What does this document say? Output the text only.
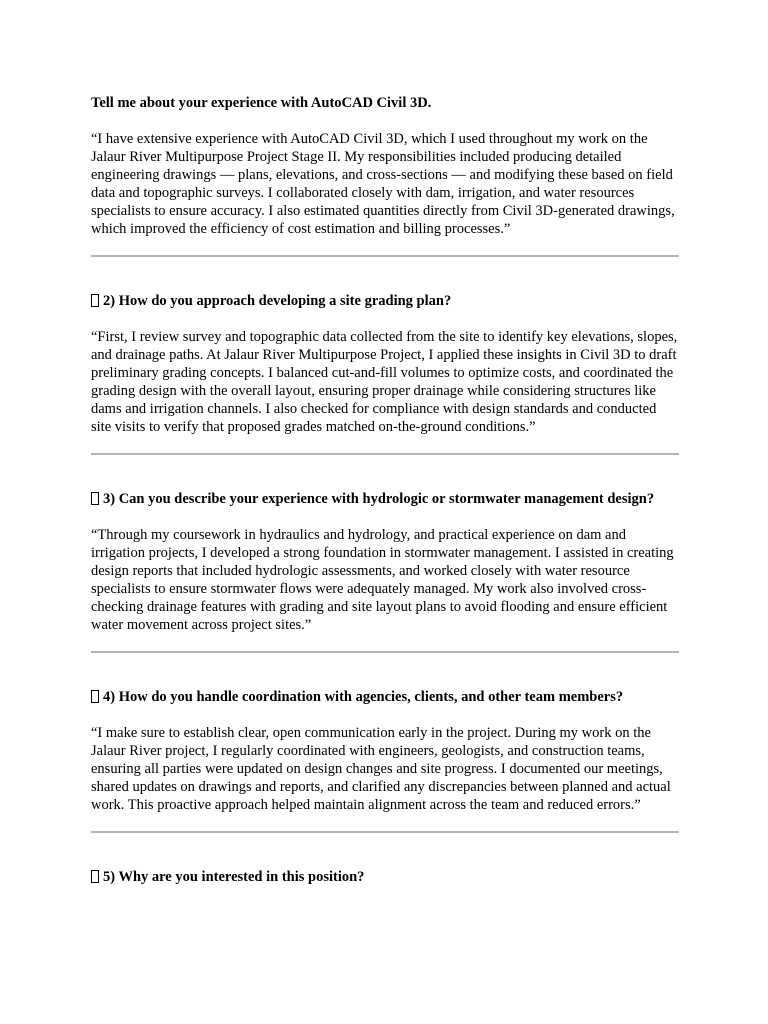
Tell me about your experience with AutoCAD Civil 3D.

“I have extensive experience with AutoCAD Civil 3D, which I used throughout my work on the Jalaur River Multipurpose Project Stage II. My responsibilities included producing detailed engineering drawings — plans, elevations, and cross-sections — and modifying these based on field data and topographic surveys. I collaborated closely with dam, irrigation, and water resources specialists to ensure accuracy. I also estimated quantities directly from Civil 3D-generated drawings, which improved the efficiency of cost estimation and billing processes.”

2) How do you approach developing a site grading plan?

“First, I review survey and topographic data collected from the site to identify key elevations, slopes, and drainage paths. At Jalaur River Multipurpose Project, I applied these insights in Civil 3D to draft preliminary grading concepts. I balanced cut-and-fill volumes to optimize costs, and coordinated the grading design with the overall layout, ensuring proper drainage while considering structures like dams and irrigation channels. I also checked for compliance with design standards and conducted site visits to verify that proposed grades matched on-the-ground conditions.”

3) Can you describe your experience with hydrologic or stormwater management design?

“Through my coursework in hydraulics and hydrology, and practical experience on dam and irrigation projects, I developed a strong foundation in stormwater management. I assisted in creating design reports that included hydrologic assessments, and worked closely with water resource specialists to ensure stormwater flows were adequately managed. My work also involved cross-checking drainage features with grading and site layout plans to avoid flooding and ensure efficient water movement across project sites.”

4) How do you handle coordination with agencies, clients, and other team members?

“I make sure to establish clear, open communication early in the project. During my work on the Jalaur River project, I regularly coordinated with engineers, geologists, and construction teams, ensuring all parties were updated on design changes and site progress. I documented our meetings, shared updates on drawings and reports, and clarified any discrepancies between planned and actual work. This proactive approach helped maintain alignment across the team and reduced errors.”

5) Why are you interested in this position?
